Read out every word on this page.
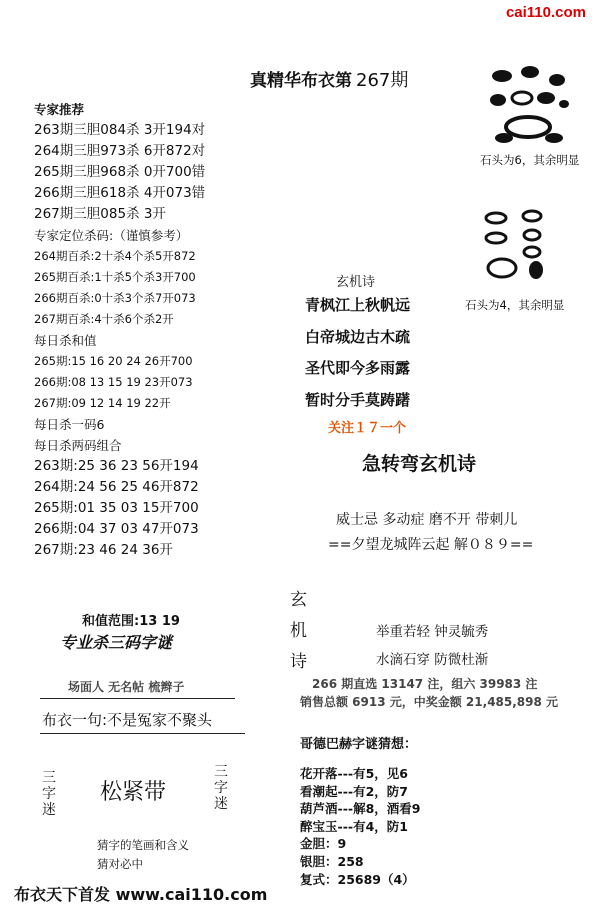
cai110.com
真精华布衣第 267期
专家推荐
263期三胆084杀 3开194对
264期三胆973杀 6开872对
265期三胆968杀 0开700错
266期三胆618杀 4开073错
267期三胆085杀 3开
专家定位杀码:（谨慎参考）
264期百杀:2十杀4个杀5开872
265期百杀:1十杀5个杀3开700
266期百杀:0十杀3个杀7开073
267期百杀:4十杀6个杀2开
每日杀和值
265期:15 16 20 24 26开700
266期:08 13 15 19 23开073
267期:09 12 14 19 22开
每日杀一码6
每日杀两码组合
263期:25 36 23 56开194
264期:24 56 25 46开872
265期:01 35 03 15开700
266期:04 37 03 47开073
267期:23 46 24 36开
和值范围:13 19
专业杀三码字谜
场面人 无名帖 梳辫子
布衣一句:不是冤家不聚头
三字迷
松紧带
三字迷
猜字的笔画和含义
猜对必中
布衣天下首发 www.cai110.com
石头为6，其余明显
石头为4，其余明显
玄机诗
青枫江上秋帆远
白帝城边古木疏
圣代即今多雨露
暂时分手莫踌躇
关注１７一个
急转弯玄机诗
威士忌 多动症 磨不开 带刺儿
==夕望龙城阵云起 解０８９==
玄
机
诗
举重若轻 钟灵毓秀
水滴石穿 防微杜渐
266 期直选 13147 注，组六 39983 注
销售总额 6913 元，中奖金额 21,485,898 元
哥德巴赫字谜猜想：
花开落---有5，见6
看潮起---有2，防7
葫芦酒---解8，酒看9
醉宝玉---有4，防1
金胆：9
银胆：258
复式：25689（4）
